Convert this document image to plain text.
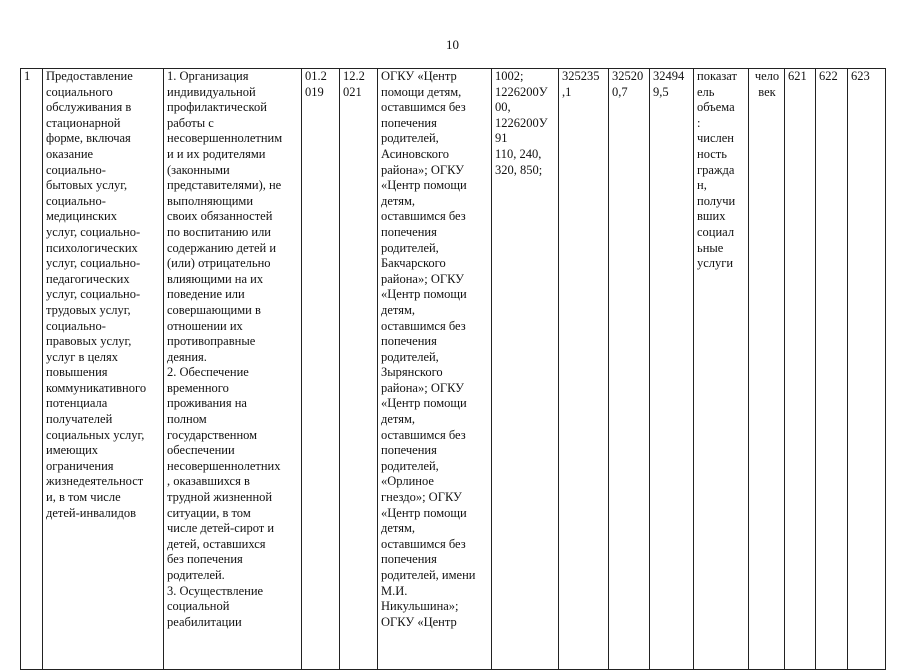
10
1	Предоставление
социального
обслуживания в
стационарной
форме, включая
оказание
социально-
бытовых услуг,
социально-
медицинских
услуг, социально-
психологических
услуг, социально-
педагогических
услуг, социально-
трудовых услуг,
социально-
правовых услуг,
услуг в целях
повышения
коммуникативного
потенциала
получателей
социальных услуг,
имеющих
ограничения
жизнедеятельност
и, в том числе
детей-инвалидов	1. Организация
индивидуальной
профилактической
работы с
несовершеннолетним
и и их родителями
(законными
представителями), не
выполняющими
своих обязанностей
по воспитанию или
содержанию детей и
(или) отрицательно
влияющими на их
поведение или
совершающими в
отношении их
противоправные
деяния.
2. Обеспечение
временного
проживания на
полном
государственном
обеспечении
несовершеннолетних
, оказавшихся в
трудной жизненной
ситуации, в том
числе детей-сирот и
детей, оставшихся
без попечения
родителей.
3. Осуществление
социальной
реабилитации	01.2
019	12.2
021	ОГКУ «Центр
помощи детям,
оставшимся без
попечения
родителей,
Асиновского
района»; ОГКУ
«Центр помощи
детям,
оставшимся без
попечения
родителей,
Бакчарского
района»; ОГКУ
«Центр помощи
детям,
оставшимся без
попечения
родителей,
Зырянского
района»; ОГКУ
«Центр помощи
детям,
оставшимся без
попечения
родителей,
«Орлиное
гнездо»; ОГКУ
«Центр помощи
детям,
оставшимся без
попечения
родителей, имени
М.И.
Никульшина»;
ОГКУ «Центр	1002;
1226200У
00,
1226200У
91
110, 240,
320, 850;	325235
,1	32520
0,7	32494
9,5	показат
ель
объема
:
числен
ность
гражда
н,
получи
вших
социал
ьные
услуги	чело
век	621	622	623
